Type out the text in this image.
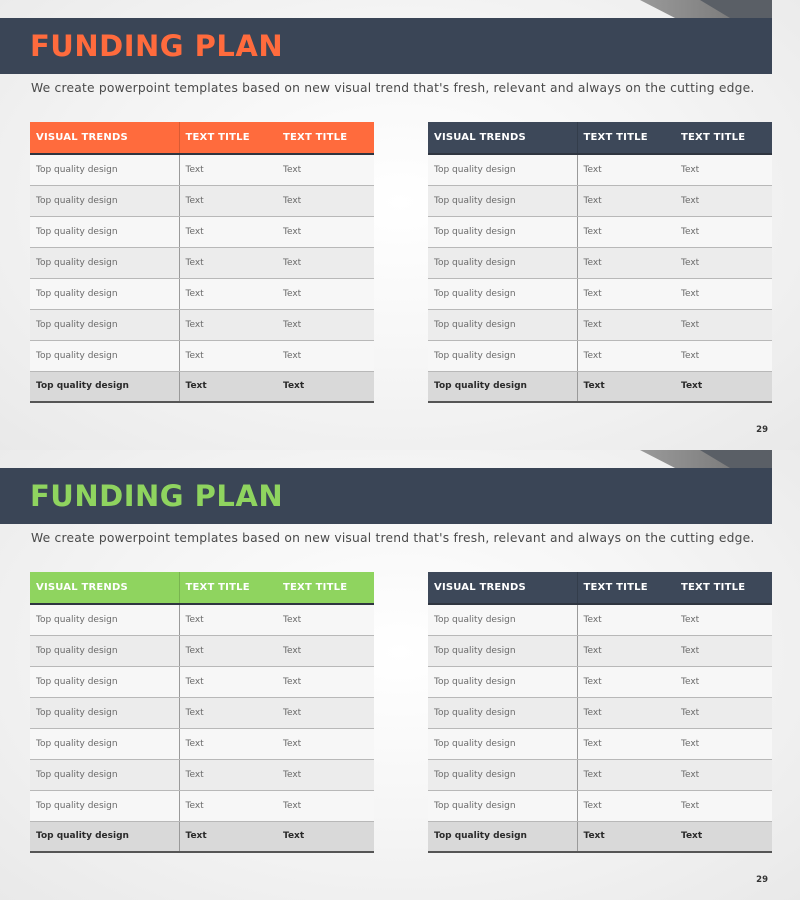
FUNDING PLAN
We create powerpoint templates based on new visual trend that's fresh, relevant and always on the cutting edge.
VISUAL TRENDS	TEXT TITLE	TEXT TITLE
Top quality design	Text	Text
Top quality design	Text	Text
Top quality design	Text	Text
Top quality design	Text	Text
Top quality design	Text	Text
Top quality design	Text	Text
Top quality design	Text	Text
Top quality design	Text	Text
VISUAL TRENDS	TEXT TITLE	TEXT TITLE
Top quality design	Text	Text
Top quality design	Text	Text
Top quality design	Text	Text
Top quality design	Text	Text
Top quality design	Text	Text
Top quality design	Text	Text
Top quality design	Text	Text
Top quality design	Text	Text
29
FUNDING PLAN
We create powerpoint templates based on new visual trend that's fresh, relevant and always on the cutting edge.
VISUAL TRENDS	TEXT TITLE	TEXT TITLE
Top quality design	Text	Text
Top quality design	Text	Text
Top quality design	Text	Text
Top quality design	Text	Text
Top quality design	Text	Text
Top quality design	Text	Text
Top quality design	Text	Text
Top quality design	Text	Text
VISUAL TRENDS	TEXT TITLE	TEXT TITLE
Top quality design	Text	Text
Top quality design	Text	Text
Top quality design	Text	Text
Top quality design	Text	Text
Top quality design	Text	Text
Top quality design	Text	Text
Top quality design	Text	Text
Top quality design	Text	Text
29
